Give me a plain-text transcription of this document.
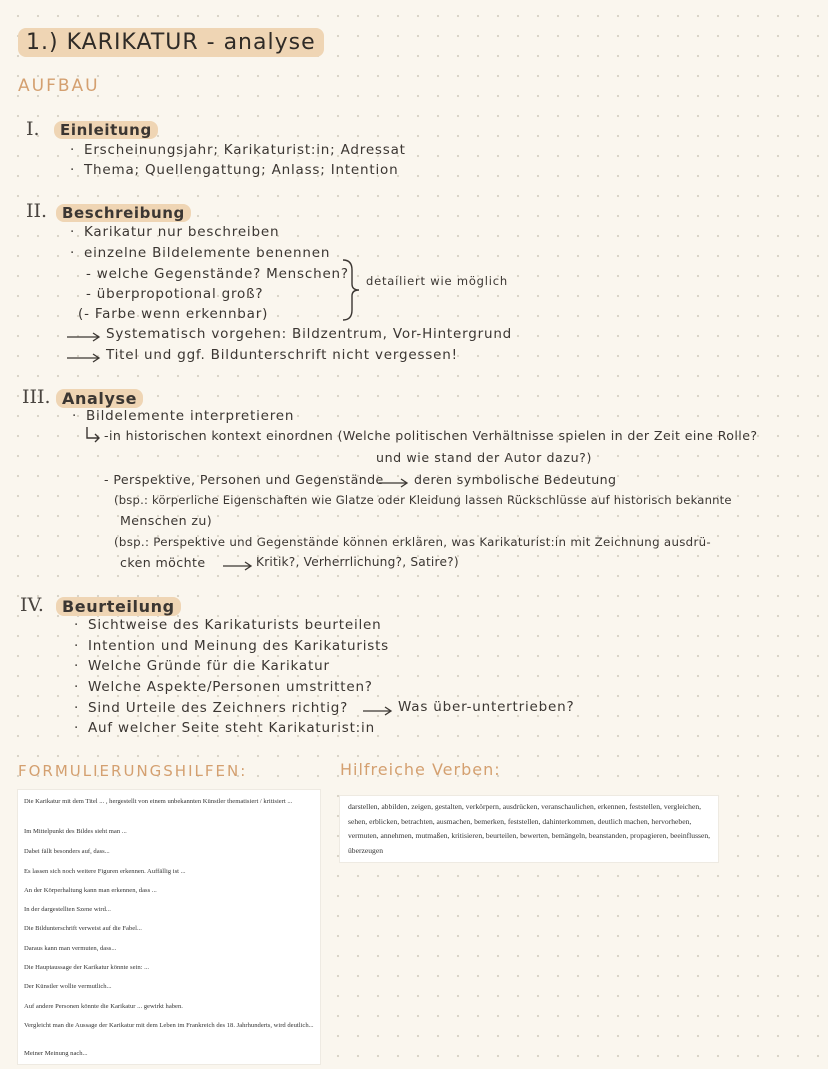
1.) KARIKATUR - analyse
AUFBAU
I.	Einleitung
· Erscheinungsjahr; Karikaturist:in; Adressat
· Thema; Quellengattung; Anlass; Intention
II. Beschreibung
· Karikatur nur beschreiben
· einzelne Bildelemente benennen
- welche Gegenstände? Menschen?
- überpropotional groß?
(- Farbe wenn erkennbar)
detailiert wie möglich
Systematisch vorgehen: Bildzentrum, Vor-Hintergrund
Titel und ggf. Bildunterschrift nicht vergessen!
III. Analyse
· Bildelemente interpretieren
-in historischen kontext einordnen (Welche politischen Verhältnisse spielen in der Zeit eine Rolle?
und wie stand der Autor dazu?)
- Perspektive, Personen und Gegenstände deren symbolische Bedeutung
(bsp.: körperliche Eigenschaften wie Glatze oder Kleidung lassen Rückschlüsse auf historisch bekannte
Menschen zu)
(bsp.: Perspektive und Gegenstände können erklären, was Karikaturist:in mit Zeichnung ausdrü-
cken möchte	Kritik?, Verherrlichung?, Satire?)
IV.	Beurteilung
· Sichtweise des Karikaturists beurteilen
· Intention und Meinung des Karikaturists
· Welche Gründe für die Karikatur
· Welche Aspekte/Personen umstritten?
· Sind Urteile des Zeichners richtig?	Was über-untertrieben?
· Auf welcher Seite steht Karikaturist:in
FORMULIERUNGSHILFEN:
Die Karikatur mit dem Titel ... , hergestellt von einem unbekannten Künstler thematisiert / kritisiert ...
Im Mittelpunkt des Bildes sieht man ...
Dabei fällt besonders auf, dass...
Es lassen sich noch weitere Figuren erkennen. Auffällig ist ...
An der Körperhaltung kann man erkennen, dass ...
In der dargestellten Szene wird...
Die Bildunterschrift verweist auf die Fabel...
Daraus kann man vermuten, dass...
Die Hauptaussage der Karikatur könnte sein: ...
Der Künstler wollte vermutlich...
Auf andere Personen könnte die Karikatur ... gewirkt haben.
Vergleicht man die Aussage der Karikatur mit dem Leben im Frankreich des 18. Jahrhunderts, wird deutlich...
Meiner Meinung nach...
Hilfreiche Verben:
darstellen, abbilden, zeigen, gestalten, verkörpern, ausdrücken, veranschaulichen, erkennen, feststellen, vergleichen, sehen, erblicken, betrachten, ausmachen, bemerken, feststellen, dahinterkommen, deutlich machen, hervorheben, vermuten, annehmen, mutmaßen, kritisieren, beurteilen, bewerten, bemängeln, beanstanden, propagieren, beeinflussen, überzeugen
